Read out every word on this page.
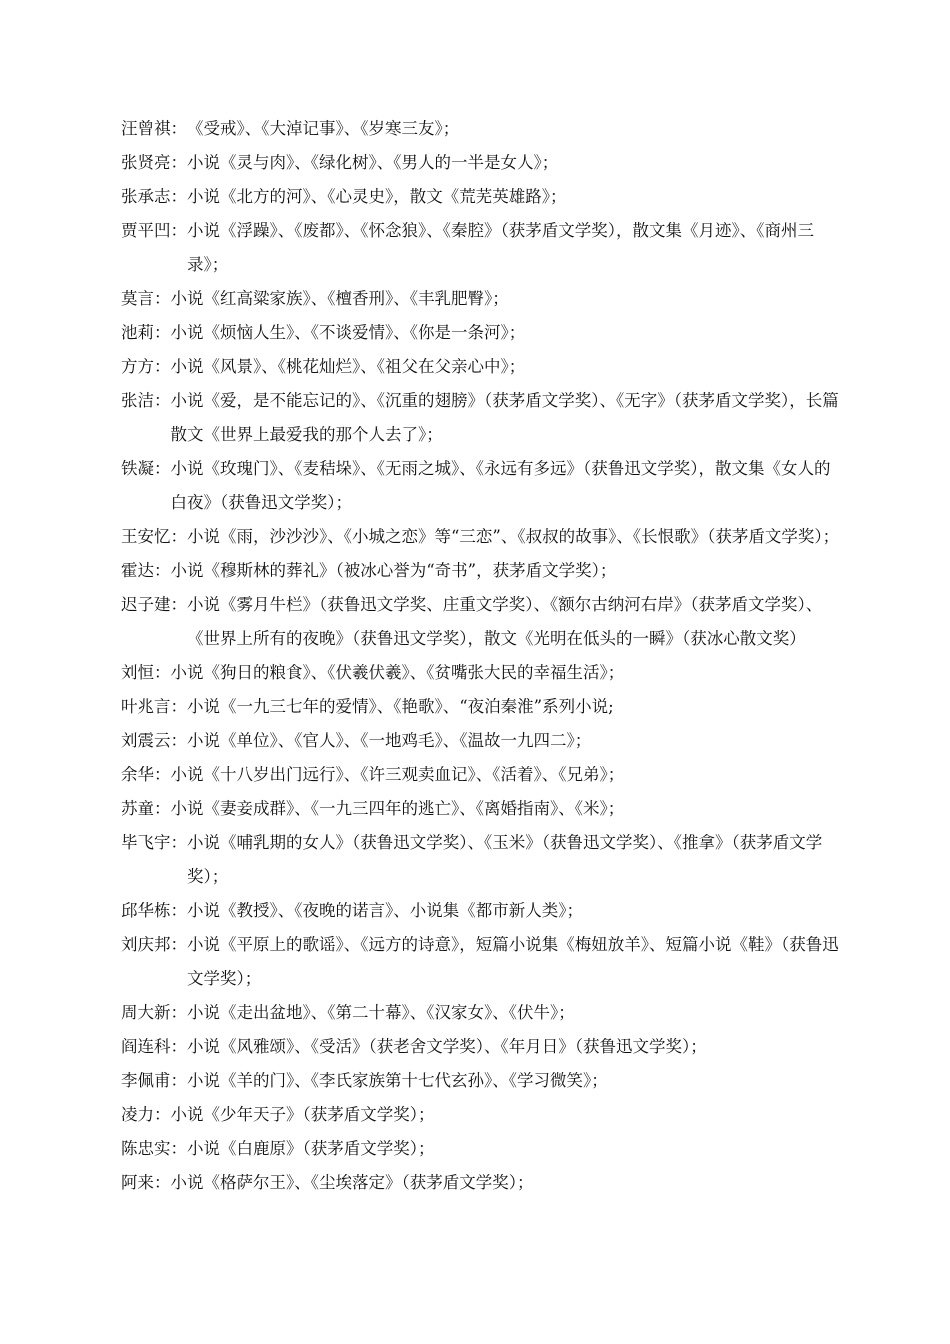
汪曾祺： 《受戒》、《大淖记事》、《岁寒三友》；
张贤亮： 小说《灵与肉》、《绿化树》、《男人的一半是女人》；
张承志： 小说《北方的河》、《心灵史》，散文《荒芜英雄路》；
贾平凹： 小说《浮躁》、《废都》、《怀念狼》、《秦腔》（获茅盾文学奖），散文集《月迹》、《商州三录》；
莫言： 小说《红高粱家族》、《檀香刑》、《丰乳肥臀》；
池莉： 小说《烦恼人生》、《不谈爱情》、《你是一条河》；
方方： 小说《风景》、《桃花灿烂》、《祖父在父亲心中》；
张洁： 小说《爱，是不能忘记的》、《沉重的翅膀》（获茅盾文学奖）、《无字》（获茅盾文学奖），长篇散文《世界上最爱我的那个人去了》；
铁凝： 小说《玫瑰门》、《麦秸垛》、《无雨之城》、《永远有多远》（获鲁迅文学奖），散文集《女人的白夜》（获鲁迅文学奖）；
王安忆： 小说《雨，沙沙沙》、《小城之恋》等“三恋”、《叔叔的故事》、《长恨歌》（获茅盾文学奖）；
霍达： 小说《穆斯林的葬礼》（被冰心誉为“奇书”，获茅盾文学奖）；
迟子建： 小说《雾月牛栏》（获鲁迅文学奖、庄重文学奖）、《额尔古纳河右岸》（获茅盾文学奖）、《世界上所有的夜晚》（获鲁迅文学奖），散文《光明在低头的一瞬》（获冰心散文奖）
刘恒： 小说《狗日的粮食》、《伏羲伏羲》、《贫嘴张大民的幸福生活》；
叶兆言： 小说《一九三七年的爱情》、《艳歌》、“夜泊秦淮”系列小说;
刘震云： 小说《单位》、《官人》、《一地鸡毛》、《温故一九四二》；
余华： 小说《十八岁出门远行》、《许三观卖血记》、《活着》、《兄弟》；
苏童： 小说《妻妾成群》、《一九三四年的逃亡》、《离婚指南》、《米》；
毕飞宇： 小说《哺乳期的女人》（获鲁迅文学奖）、《玉米》（获鲁迅文学奖）、《推拿》（获茅盾文学奖）；
邱华栋： 小说《教授》、《夜晚的诺言》、小说集《都市新人类》；
刘庆邦： 小说《平原上的歌谣》、《远方的诗意》，短篇小说集《梅妞放羊》、短篇小说《鞋》（获鲁迅文学奖）；
周大新： 小说《走出盆地》、《第二十幕》、《汉家女》、《伏牛》；
阎连科： 小说《风雅颂》、《受活》（获老舍文学奖）、《年月日》（获鲁迅文学奖）；
李佩甫： 小说《羊的门》、《李氏家族第十七代玄孙》、《学习微笑》；
凌力： 小说《少年天子》（获茅盾文学奖）；
陈忠实： 小说《白鹿原》（获茅盾文学奖）；
阿来： 小说《格萨尔王》、《尘埃落定》（获茅盾文学奖）；
